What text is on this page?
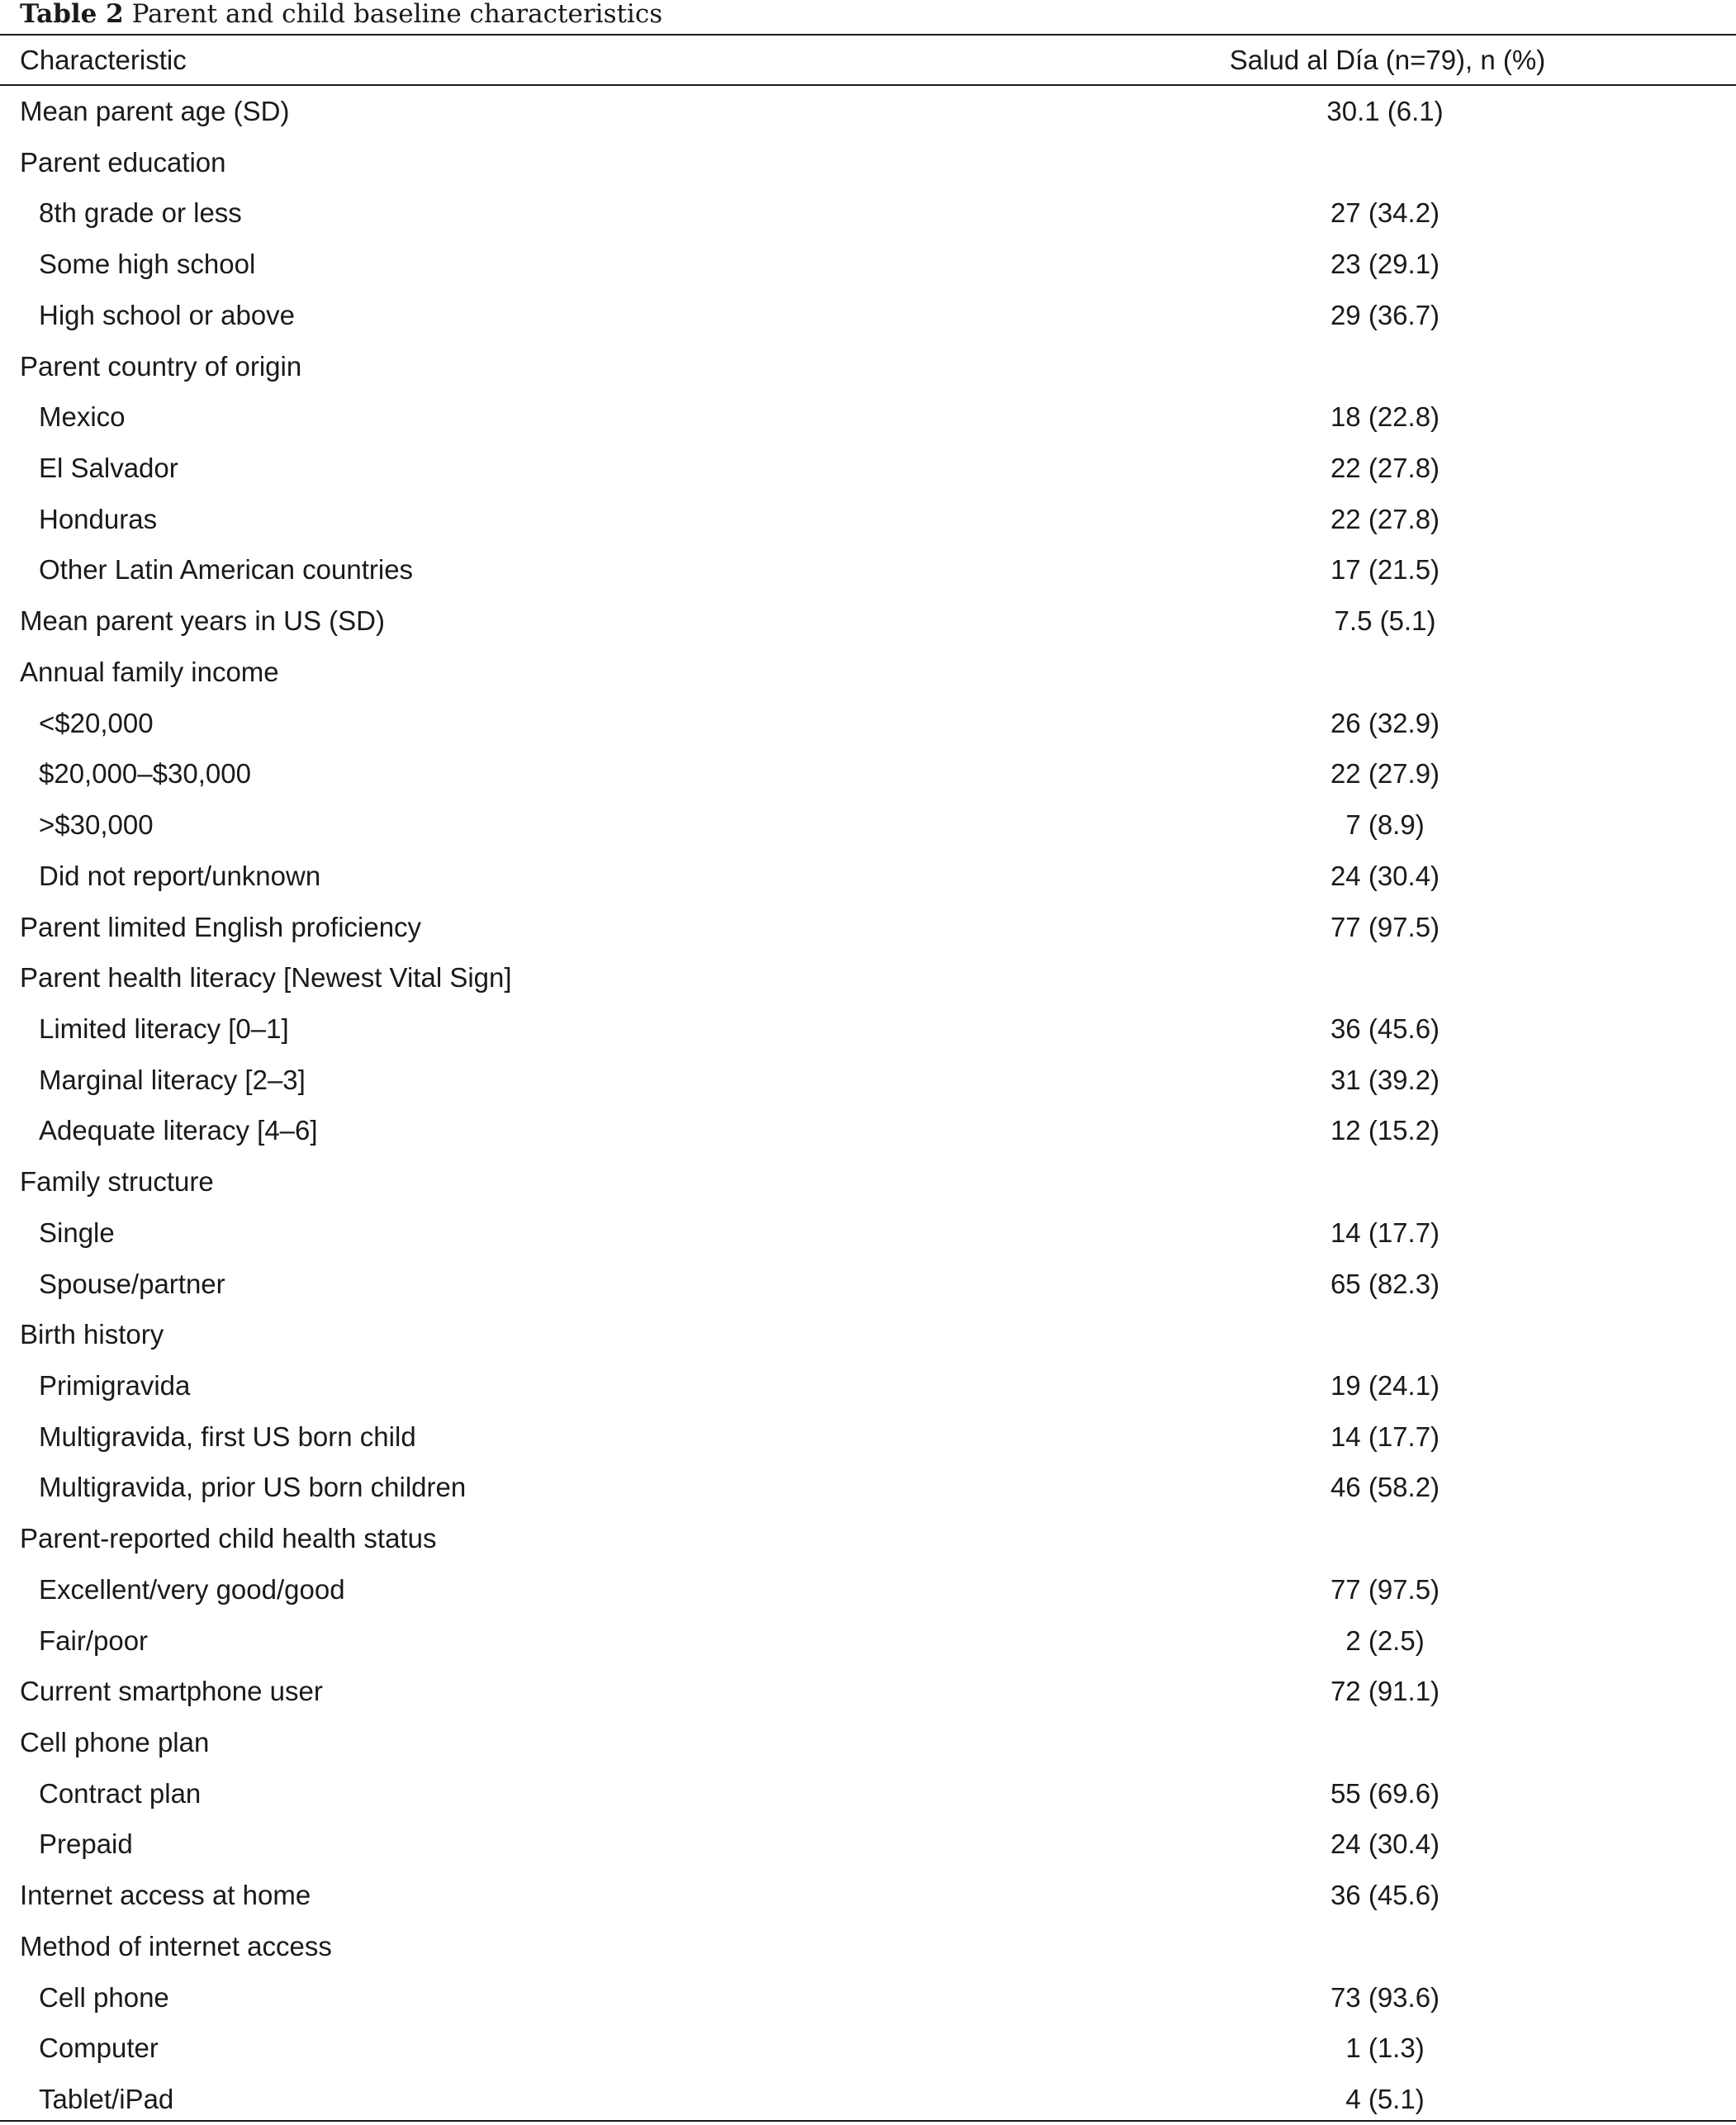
Table 2 Parent and child baseline characteristics
Characteristic	Salud al Día (n=79), n (%)
Mean parent age (SD)	30.1 (6.1)
Parent education
8th grade or less	27 (34.2)
Some high school	23 (29.1)
High school or above	29 (36.7)
Parent country of origin
Mexico	18 (22.8)
El Salvador	22 (27.8)
Honduras	22 (27.8)
Other Latin American countries	17 (21.5)
Mean parent years in US (SD)	7.5 (5.1)
Annual family income
<$20,000	26 (32.9)
$20,000–$30,000	22 (27.9)
>$30,000	7 (8.9)
Did not report/unknown	24 (30.4)
Parent limited English proficiency	77 (97.5)
Parent health literacy [Newest Vital Sign]
Limited literacy [0–1]	36 (45.6)
Marginal literacy [2–3]	31 (39.2)
Adequate literacy [4–6]	12 (15.2)
Family structure
Single	14 (17.7)
Spouse/partner	65 (82.3)
Birth history
Primigravida	19 (24.1)
Multigravida, first US born child	14 (17.7)
Multigravida, prior US born children	46 (58.2)
Parent-reported child health status
Excellent/very good/good	77 (97.5)
Fair/poor	2 (2.5)
Current smartphone user	72 (91.1)
Cell phone plan
Contract plan	55 (69.6)
Prepaid	24 (30.4)
Internet access at home	36 (45.6)
Method of internet access
Cell phone	73 (93.6)
Computer	1 (1.3)
Tablet/iPad	4 (5.1)
